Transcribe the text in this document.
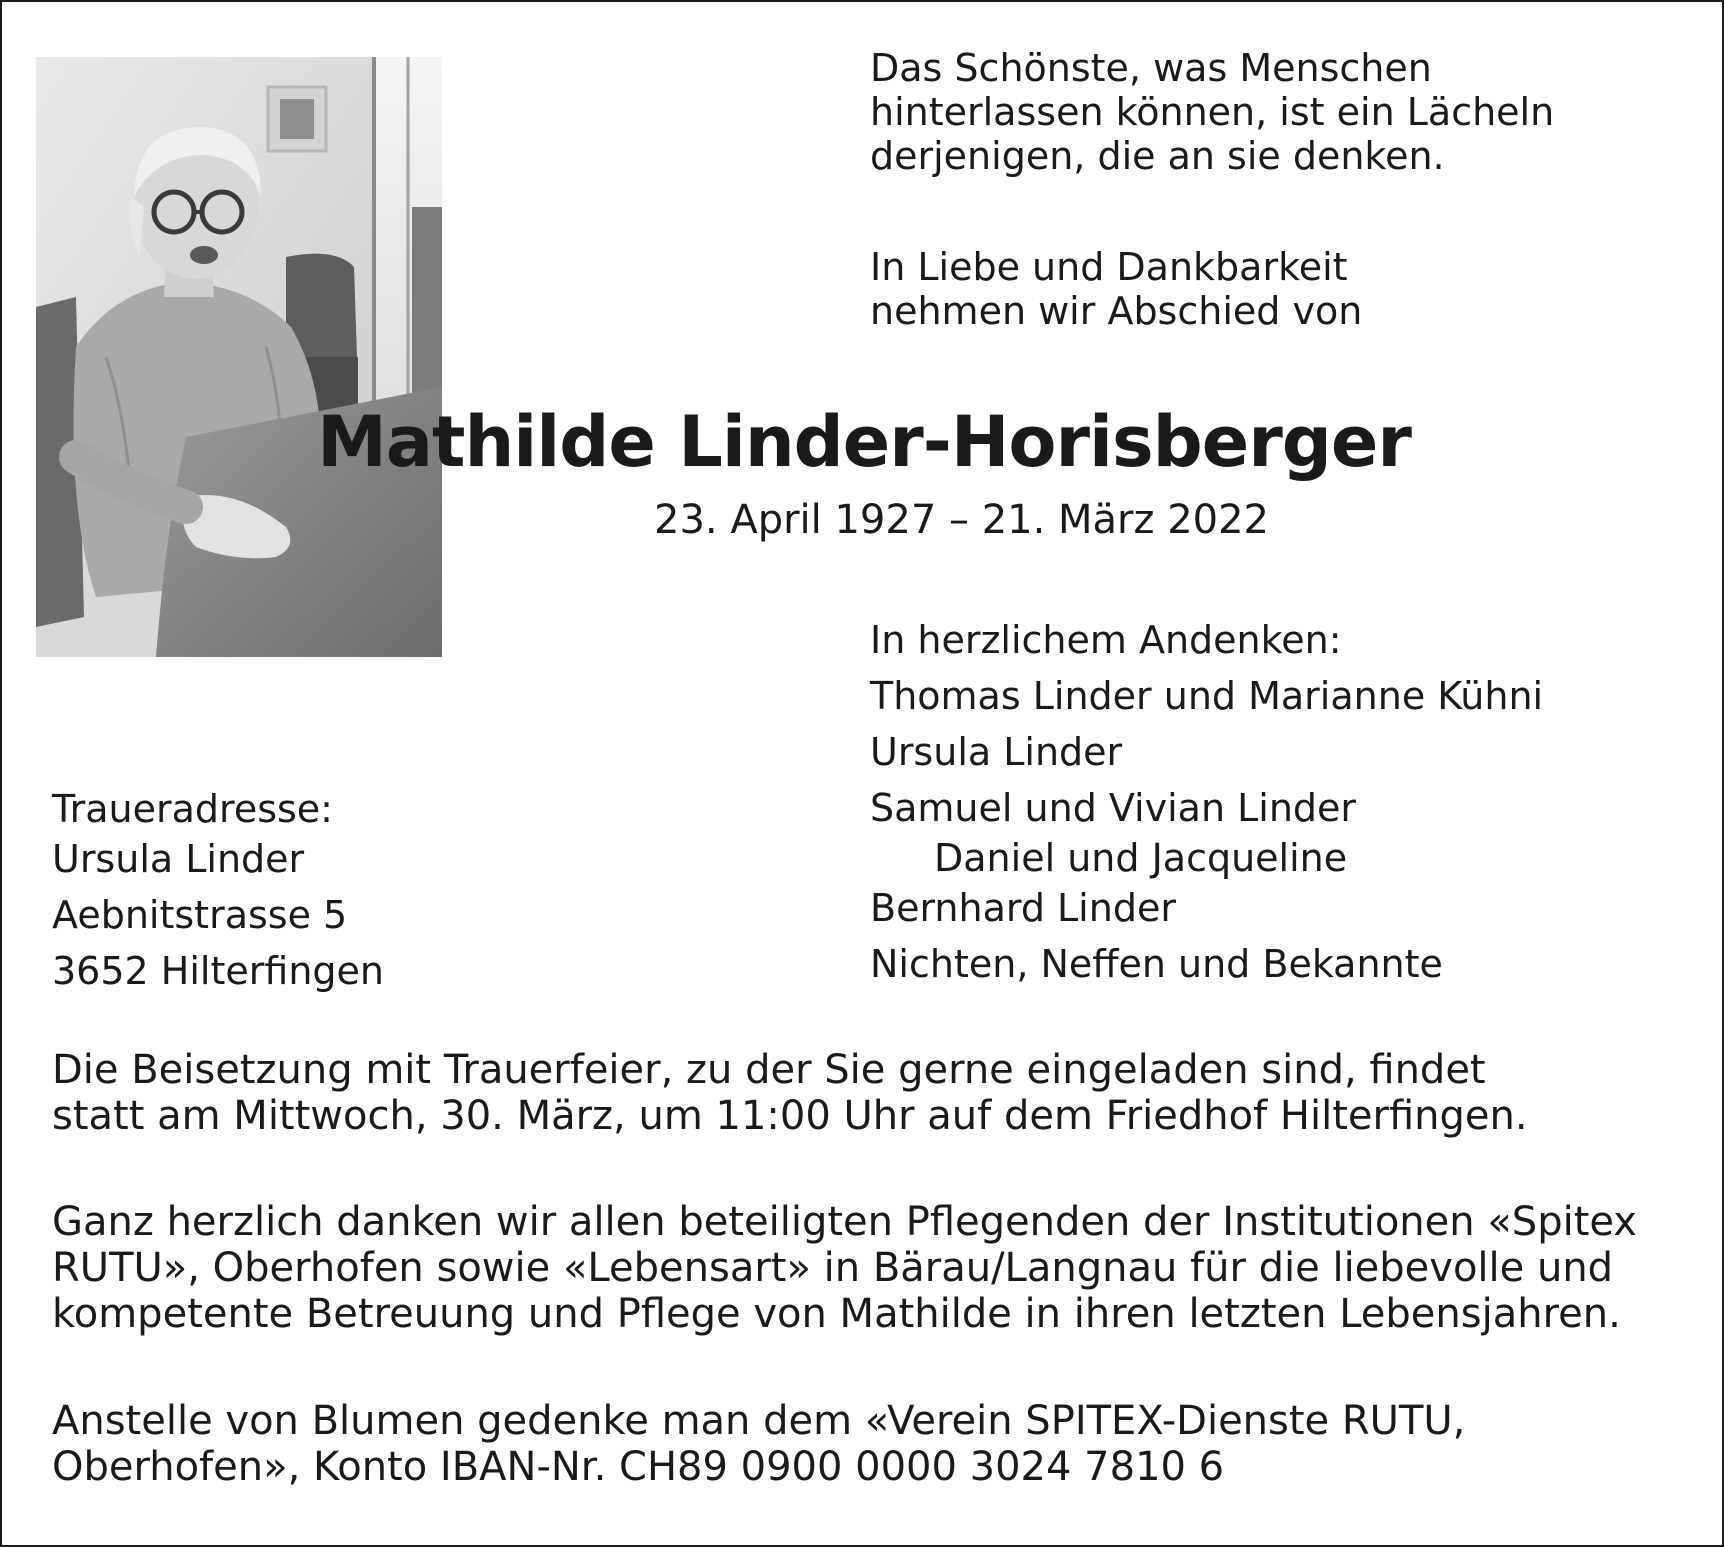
Das Schönste, was Menschen
hinterlassen können, ist ein Lächeln
derjenigen, die an sie denken.
In Liebe und Dankbarkeit
nehmen wir Abschied von
Mathilde Linder-Horisberger
23. April 1927 – 21. März 2022
In herzlichem Andenken:
Thomas Linder und Marianne Kühni
Ursula Linder
Samuel und Vivian Linder
Daniel und Jacqueline
Bernhard Linder
Nichten, Neffen und Bekannte
Traueradresse:
Ursula Linder
Aebnitstrasse 5
3652 Hilterfingen
Die Beisetzung mit Trauerfeier, zu der Sie gerne eingeladen sind, findet
statt am Mittwoch, 30. März, um 11:00 Uhr auf dem Friedhof Hilterfingen.
Ganz herzlich danken wir allen beteiligten Pflegenden der Institutionen «Spitex
RUTU», Oberhofen sowie «Lebensart» in Bärau/Langnau für die liebevolle und
kompetente Betreuung und Pflege von Mathilde in ihren letzten Lebensjahren.
Anstelle von Blumen gedenke man dem «Verein SPITEX-Dienste RUTU,
Oberhofen», Konto IBAN-Nr. CH89 0900 0000 3024 7810 6
